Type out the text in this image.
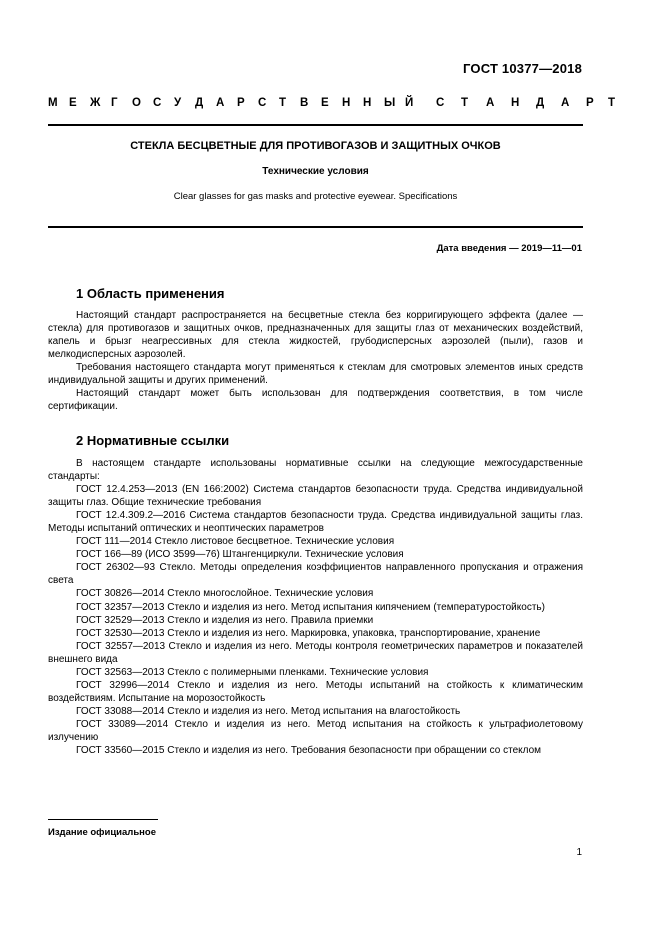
ГОСТ 10377—2018
М Е Ж Г О С У Д А Р С Т В Е Н Н Ы Й С Т А Н Д А Р Т
СТЕКЛА БЕСЦВЕТНЫЕ ДЛЯ ПРОТИВОГАЗОВ И ЗАЩИТНЫХ ОЧКОВ
Технические условия
Clear glasses for gas masks and protective eyewear. Specifications
Дата введения — 2019—11—01
1 Область применения

Настоящий стандарт распространяется на бесцветные стекла без корригирующего эффекта (далее — стекла) для противогазов и защитных очков, предназначенных для защиты глаз от механических воздействий, капель и брызг неагрессивных для стекла жидкостей, грубодисперсных аэрозолей (пыли), газов и мелкодисперсных аэрозолей.

Требования настоящего стандарта могут применяться к стеклам для смотровых элементов иных средств индивидуальной защиты и других применений.

Настоящий стандарт может быть использован для подтверждения соответствия, в том числе сертификации.

2 Нормативные ссылки

В настоящем стандарте использованы нормативные ссылки на следующие межгосударственные стандарты:

ГОСТ 12.4.253—2013 (EN 166:2002) Система стандартов безопасности труда. Средства индивидуальной защиты глаз. Общие технические требования

ГОСТ 12.4.309.2—2016 Система стандартов безопасности труда. Средства индивидуальной защиты глаз. Методы испытаний оптических и неоптических параметров

ГОСТ 111—2014 Стекло листовое бесцветное. Технические условия

ГОСТ 166—89 (ИСО 3599—76) Штангенциркули. Технические условия

ГОСТ 26302—93 Стекло. Методы определения коэффициентов направленного пропускания и отражения света

ГОСТ 30826—2014 Стекло многослойное. Технические условия

ГОСТ 32357—2013 Стекло и изделия из него. Метод испытания кипячением (температуростойкость)

ГОСТ 32529—2013 Стекло и изделия из него. Правила приемки

ГОСТ 32530—2013 Стекло и изделия из него. Маркировка, упаковка, транспортирование, хранение

ГОСТ 32557—2013 Стекло и изделия из него. Методы контроля геометрических параметров и показателей внешнего вида

ГОСТ 32563—2013 Стекло с полимерными пленками. Технические условия

ГОСТ 32996—2014 Стекло и изделия из него. Методы испытаний на стойкость к климатическим воздействиям. Испытание на морозостойкость

ГОСТ 33088—2014 Стекло и изделия из него. Метод испытания на влагостойкость

ГОСТ 33089—2014 Стекло и изделия из него. Метод испытания на стойкость к ультрафиолетовому излучению

ГОСТ 33560—2015 Стекло и изделия из него. Требования безопасности при обращении со стеклом

Издание официальное
1
